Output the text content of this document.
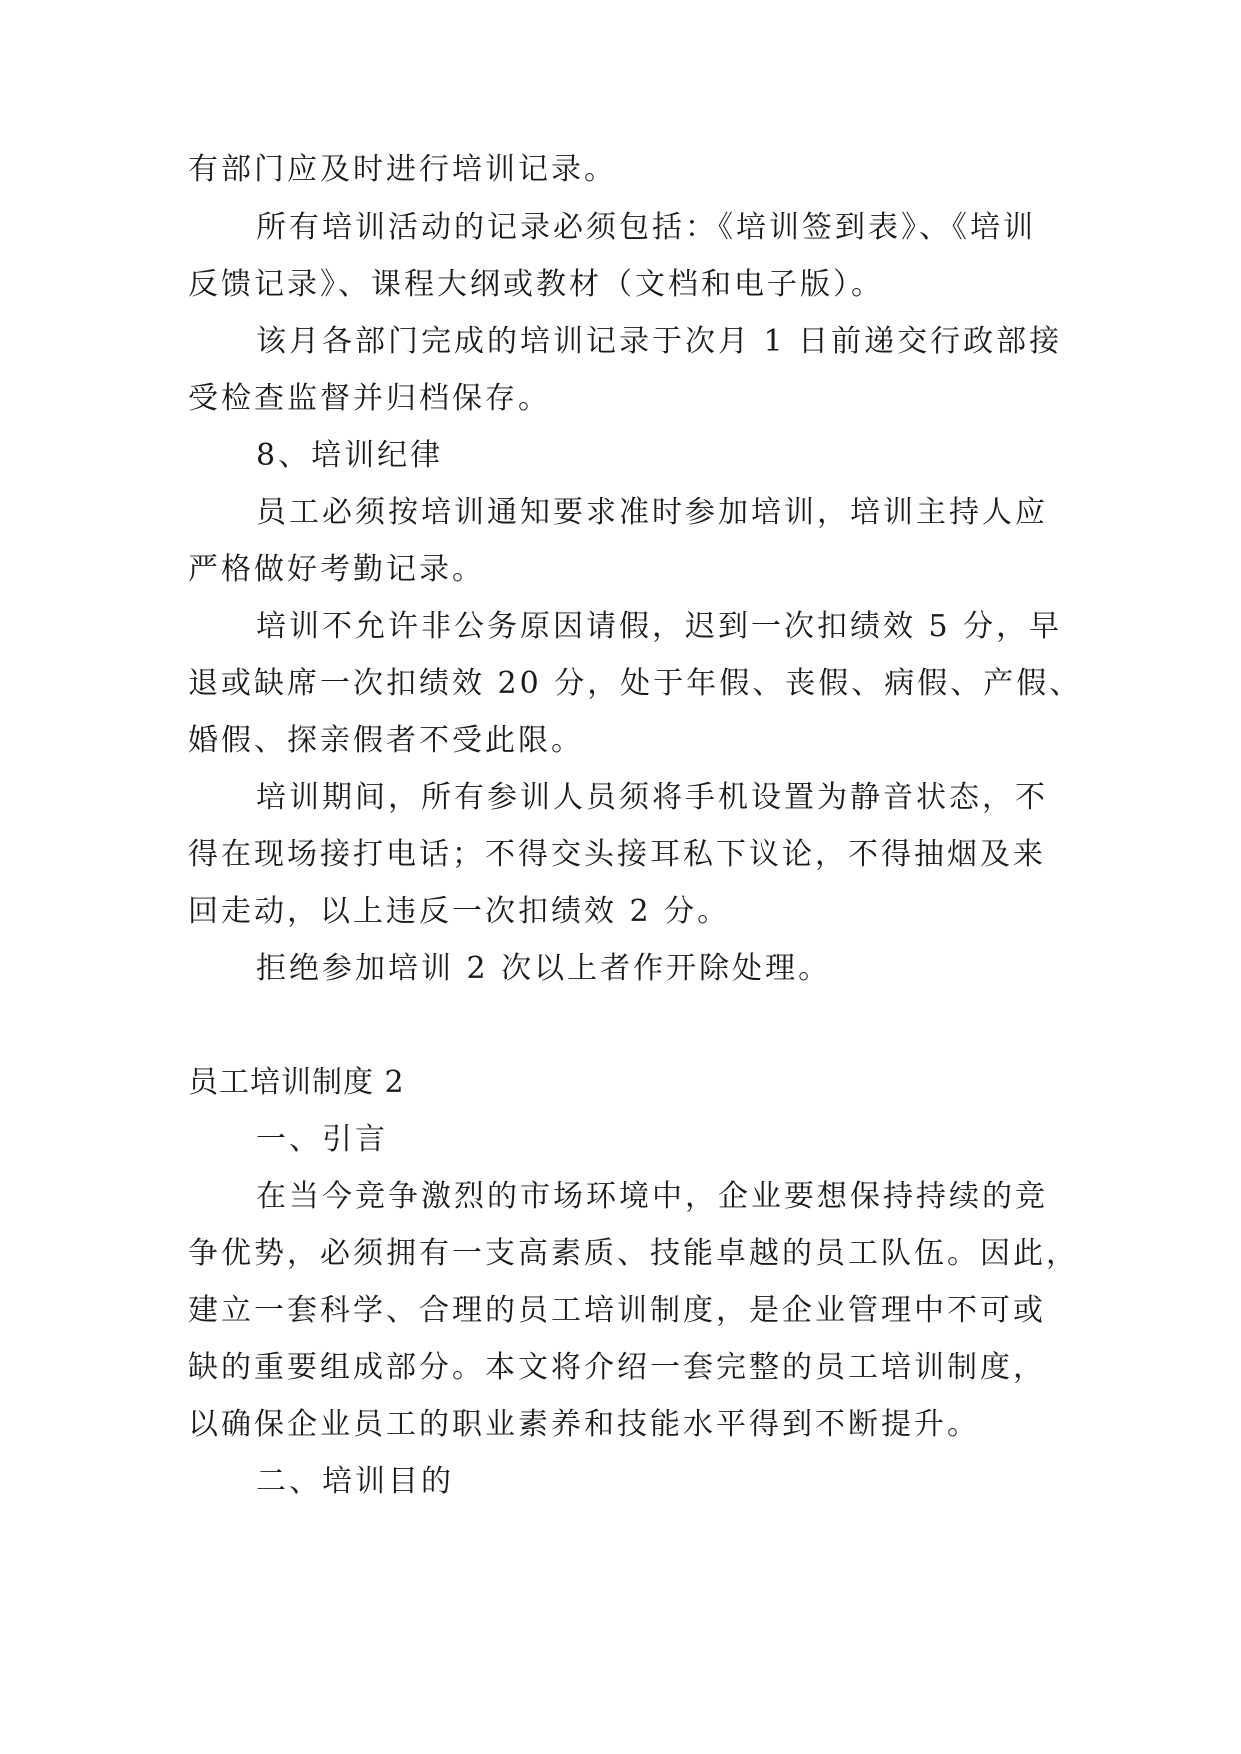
有部门应及时进行培训记录。
所有培训活动的记录必须包括：《培训签到表》、《培训
反馈记录》、课程大纲或教材（文档和电子版）。
该月各部门完成的培训记录于次月 1 日前递交行政部接
受检查监督并归档保存。
8、培训纪律
员工必须按培训通知要求准时参加培训，培训主持人应
严格做好考勤记录。
培训不允许非公务原因请假，迟到一次扣绩效 5 分，早
退或缺席一次扣绩效 20 分，处于年假、丧假、病假、产假、
婚假、探亲假者不受此限。
培训期间，所有参训人员须将手机设置为静音状态，不
得在现场接打电话；不得交头接耳私下议论，不得抽烟及来
回走动，以上违反一次扣绩效 2 分。
拒绝参加培训 2 次以上者作开除处理。
员工培训制度 2
一、引言
在当今竞争激烈的市场环境中，企业要想保持持续的竞
争优势，必须拥有一支高素质、技能卓越的员工队伍。因此，
建立一套科学、合理的员工培训制度，是企业管理中不可或
缺的重要组成部分。本文将介绍一套完整的员工培训制度，
以确保企业员工的职业素养和技能水平得到不断提升。
二、培训目的
